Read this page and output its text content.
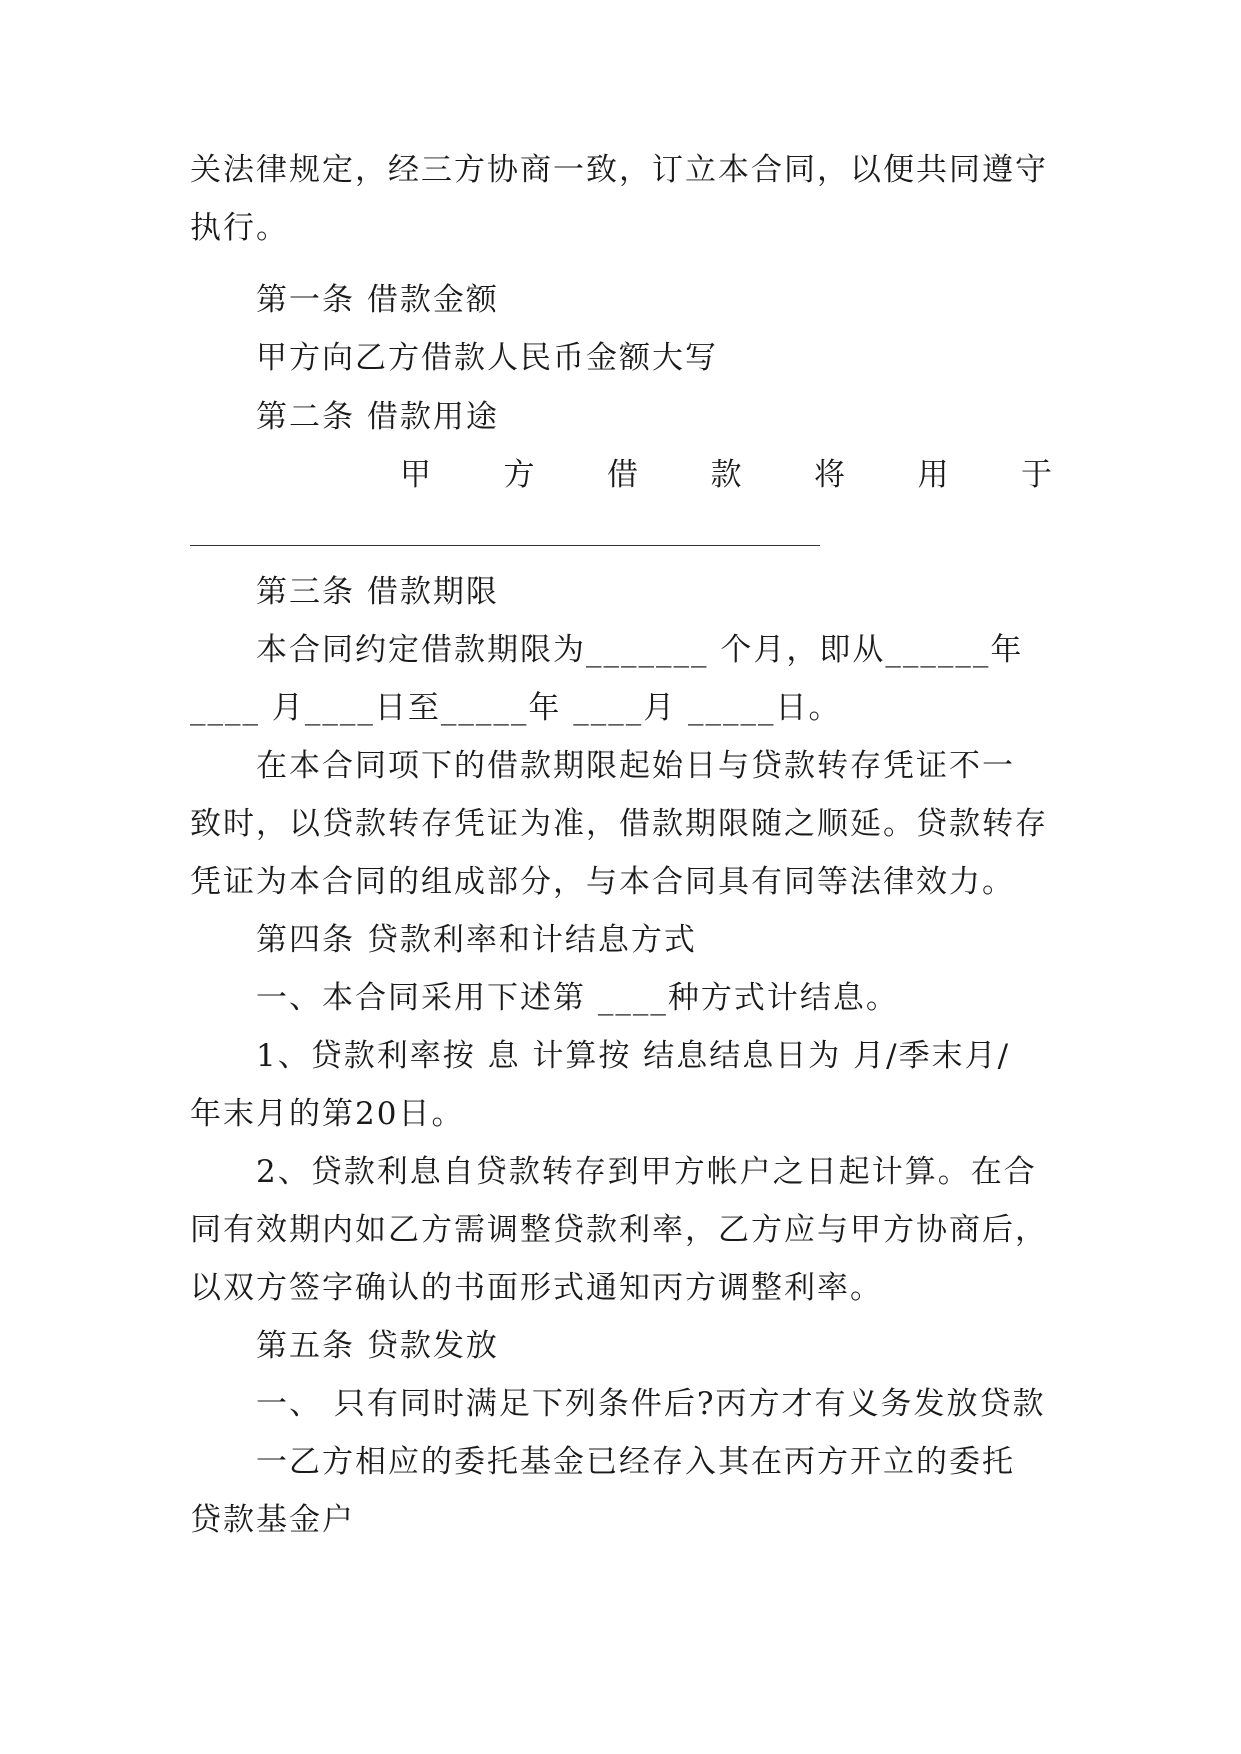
关法律规定，经三方协商一致，订立本合同，以便共同遵守
执行。
第一条 借款金额
甲方向乙方借款人民币金额大写
第二条 借款用途
甲 方 借 款 将 用 于
第三条 借款期限
本合同约定借款期限为_______ 个月，即从______年
____ 月____日至_____年 ____月 _____日。
在本合同项下的借款期限起始日与贷款转存凭证不一
致时，以贷款转存凭证为准，借款期限随之顺延。贷款转存
凭证为本合同的组成部分，与本合同具有同等法律效力。
第四条 贷款利率和计结息方式
一、本合同采用下述第 ____种方式计结息。
1、贷款利率按 息 计算按 结息结息日为 月/季末月/
年末月的第20日。
2、贷款利息自贷款转存到甲方帐户之日起计算。在合
同有效期内如乙方需调整贷款利率，乙方应与甲方协商后，
以双方签字确认的书面形式通知丙方调整利率。
第五条 贷款发放
一、 只有同时满足下列条件后?丙方才有义务发放贷款
一乙方相应的委托基金已经存入其在丙方开立的委托
贷款基金户
